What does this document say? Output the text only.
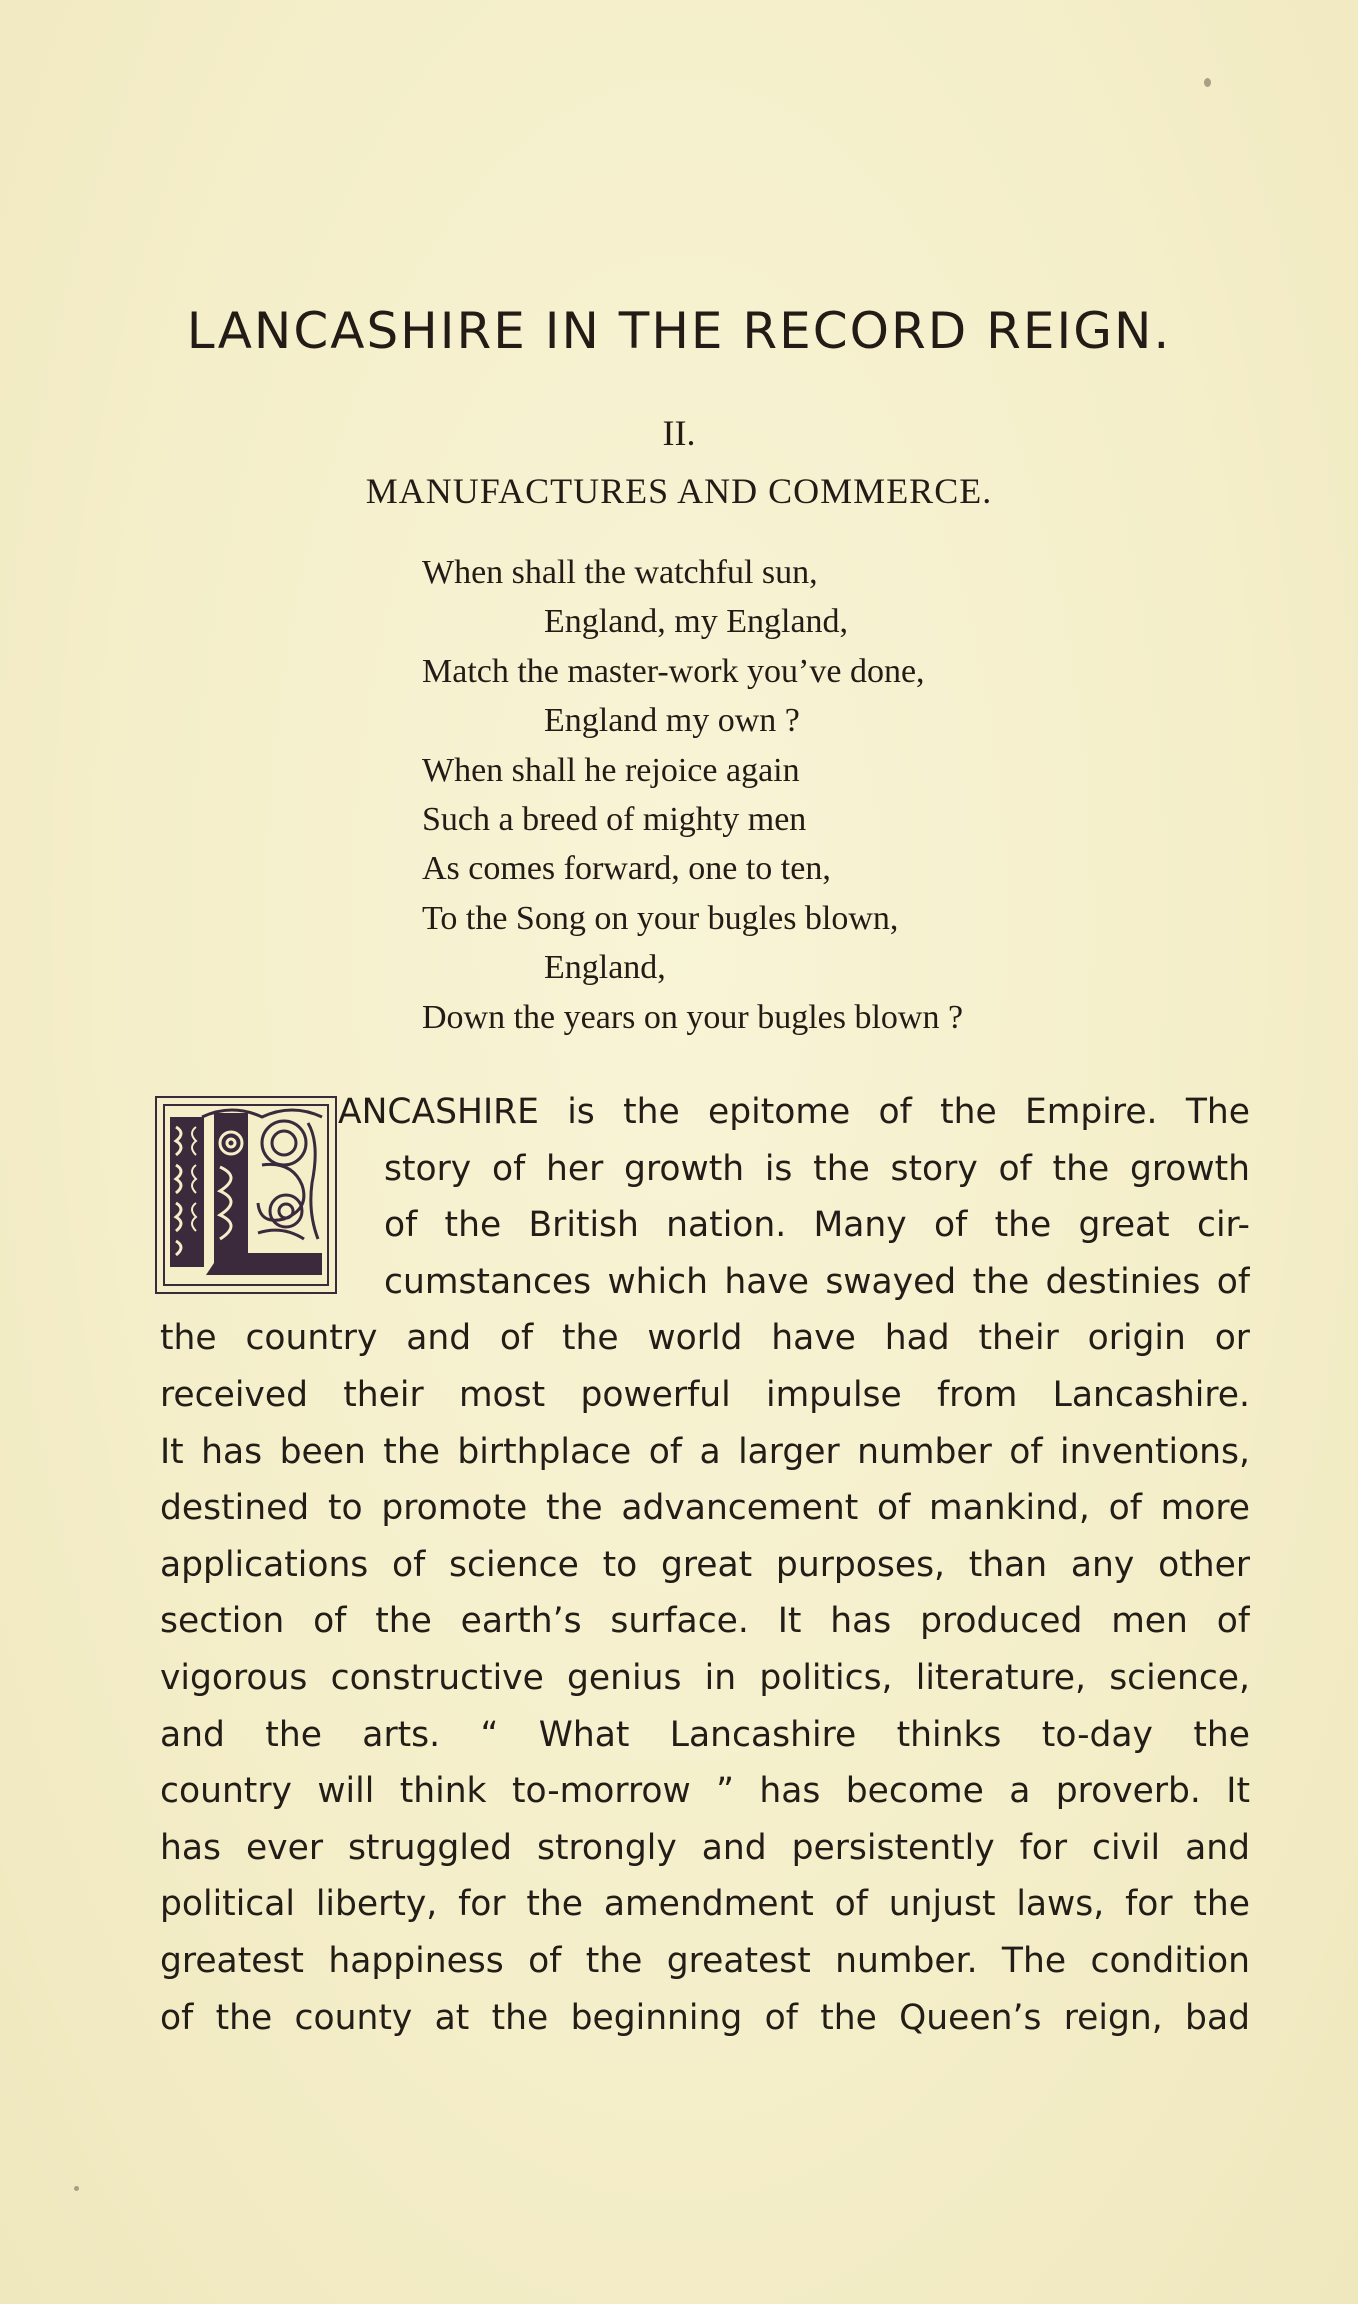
LANCASHIRE IN THE RECORD REIGN.
II.
MANUFACTURES AND COMMERCE.
When shall the watchful sun,
England, my England,
Match the master-work you’ve done,
England my own ?
When shall he rejoice again
Such a breed of mighty men
As comes forward, one to ten,
To the Song on your bugles blown,
England,
Down the years on your bugles blown ?
ANCASHIRE is the epitome of the Empire. The
story of her growth is the story of the growth
of the British nation. Many of the great cir-
cumstances which have swayed the destinies of
the country and of the world have had their origin or
received their most powerful impulse from Lancashire.
It has been the birthplace of a larger number of inventions,
destined to promote the advancement of mankind, of more
applications of science to great purposes, than any other
section of the earth’s surface. It has produced men of
vigorous constructive genius in politics, literature, science,
and the arts. “ What Lancashire thinks to-day the
country will think to-morrow ” has become a proverb. It
has ever struggled strongly and persistently for civil and
political liberty, for the amendment of unjust laws, for the
greatest happiness of the greatest number. The condition
of the county at the beginning of the Queen’s reign, bad
